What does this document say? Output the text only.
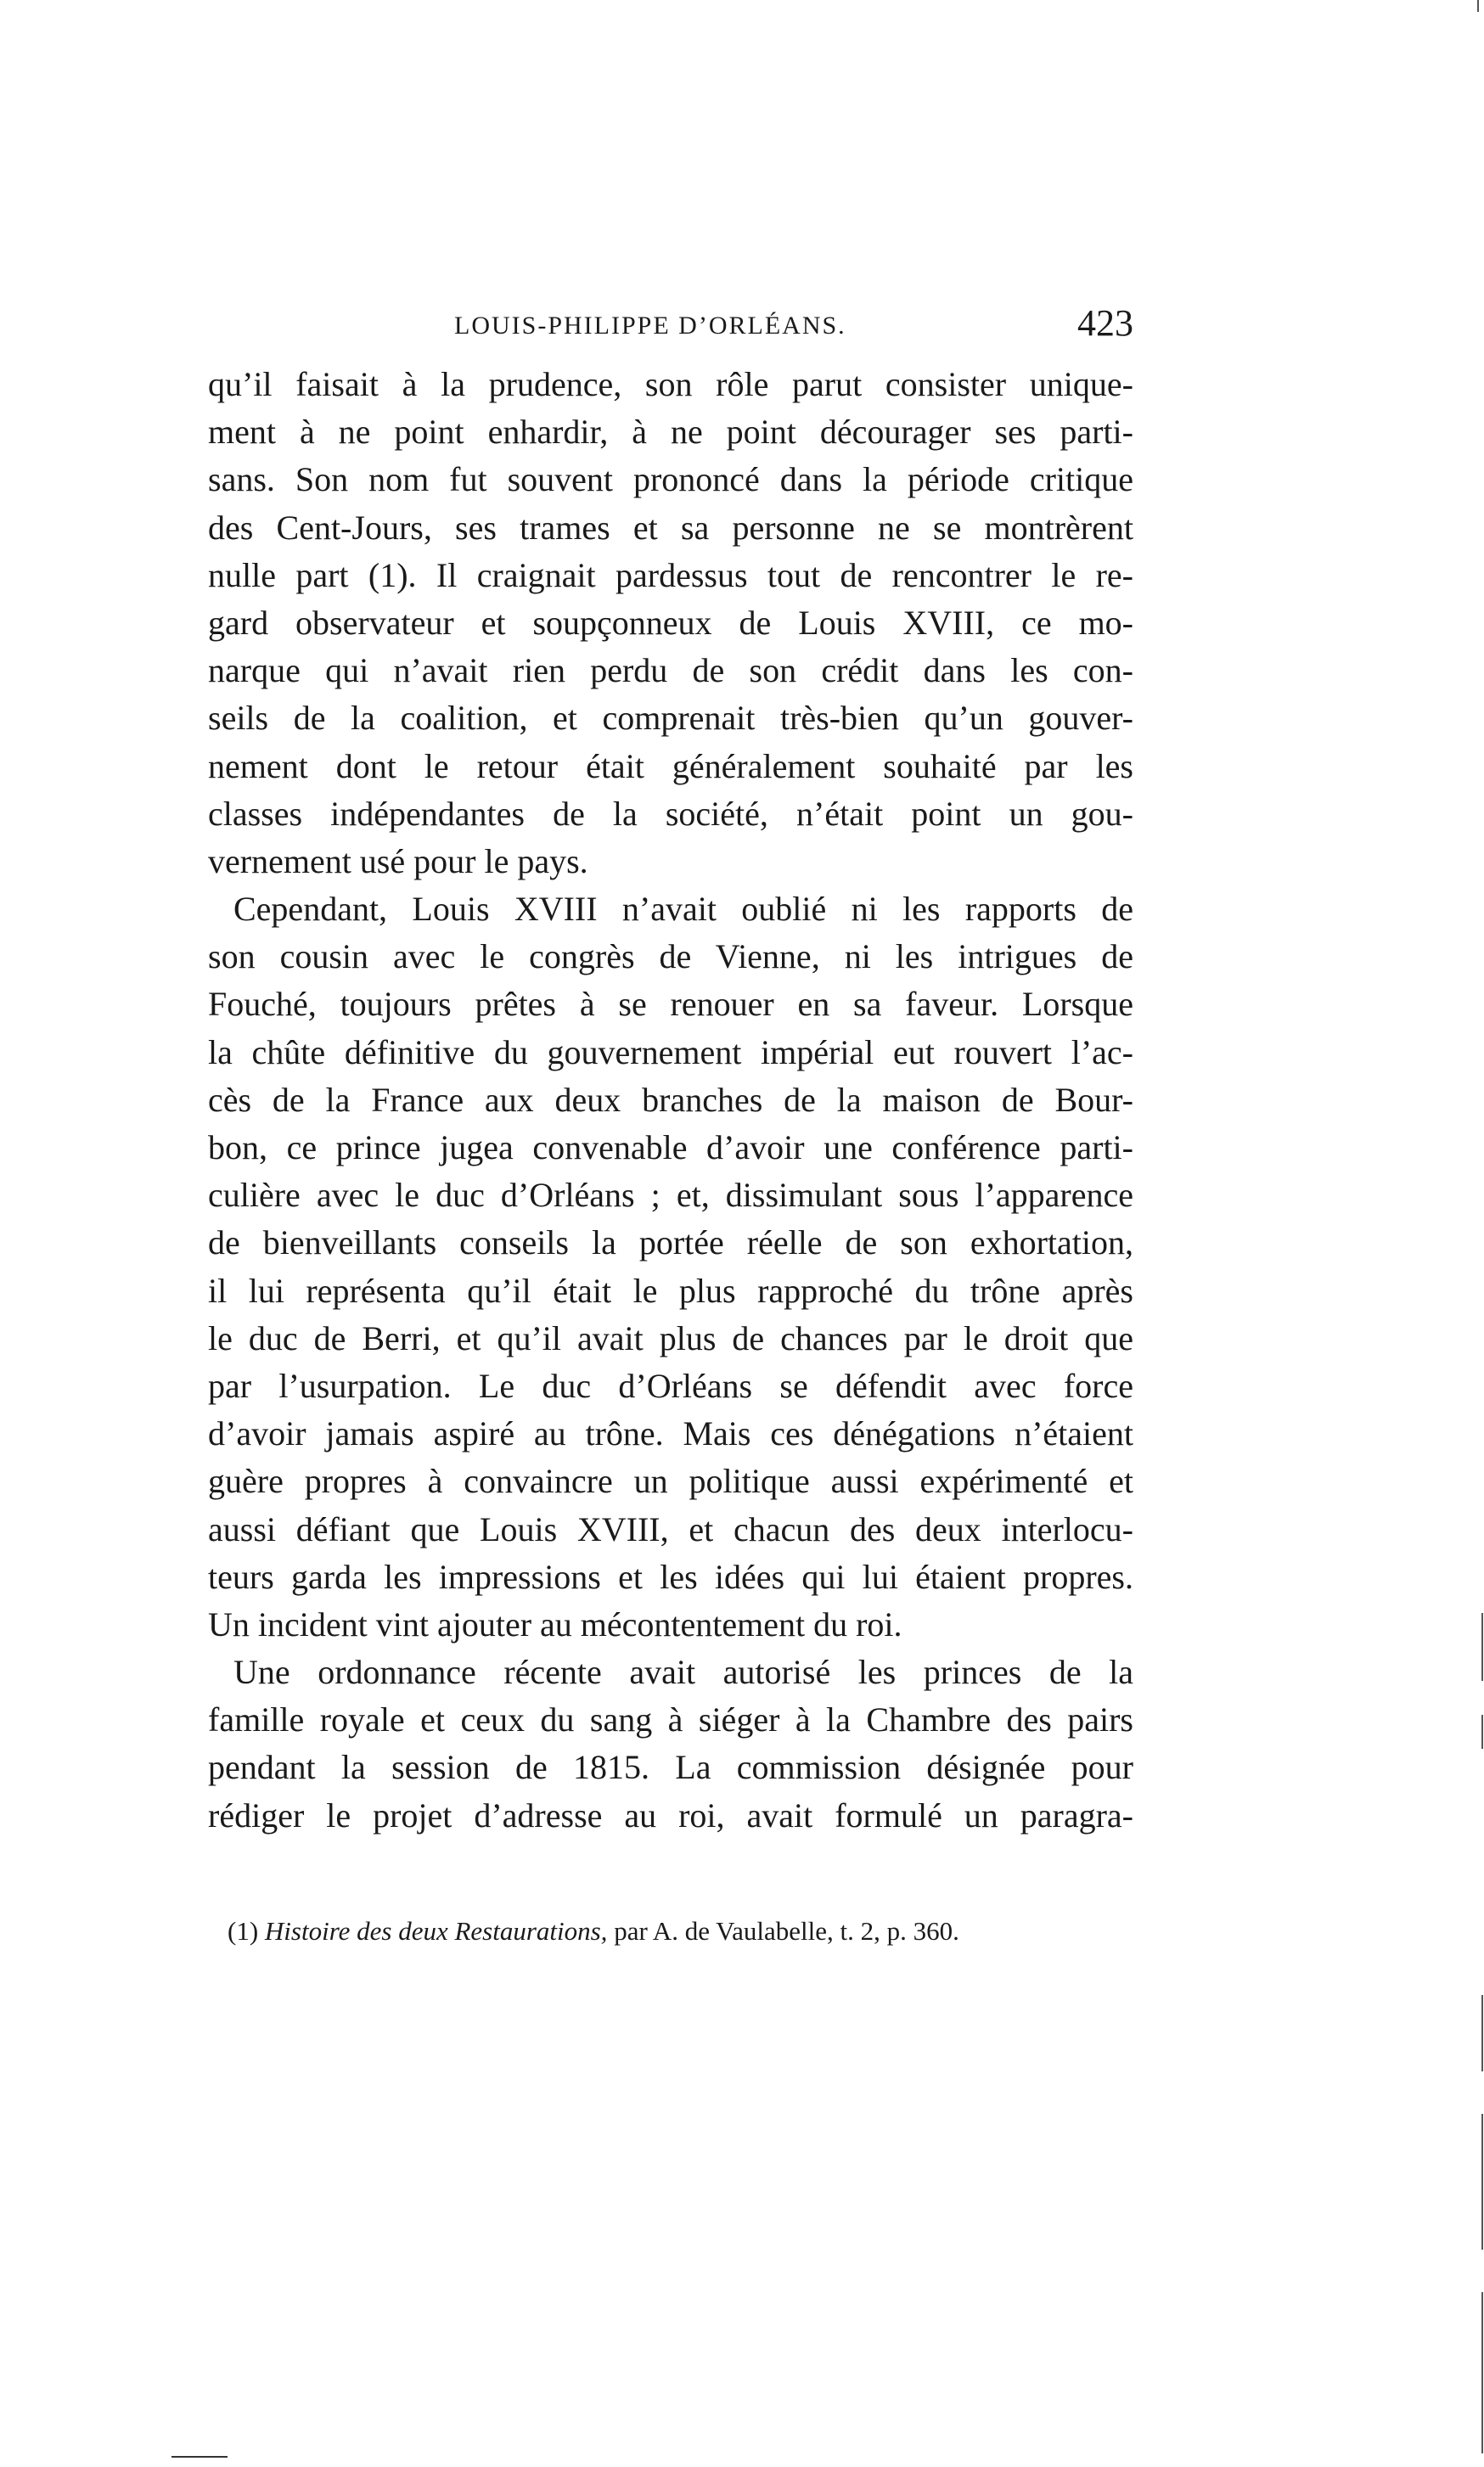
LOUIS-PHILIPPE D’ORLÉANS.	423
qu’il faisait à la prudence, son rôle parut consister unique-
ment à ne point enhardir, à ne point décourager ses parti-
sans. Son nom fut souvent prononcé dans la période critique
des Cent-Jours, ses trames et sa personne ne se montrèrent
nulle part (1). Il craignait pardessus tout de rencontrer le re-
gard observateur et soupçonneux de Louis XVIII, ce mo-
narque qui n’avait rien perdu de son crédit dans les con-
seils de la coalition, et comprenait très-bien qu’un gouver-
nement dont le retour était généralement souhaité par les
classes indépendantes de la société, n’était point un gou-
vernement usé pour le pays.
Cependant, Louis XVIII n’avait oublié ni les rapports de
son cousin avec le congrès de Vienne, ni les intrigues de
Fouché, toujours prêtes à se renouer en sa faveur. Lorsque
la chûte définitive du gouvernement impérial eut rouvert l’ac-
cès de la France aux deux branches de la maison de Bour-
bon, ce prince jugea convenable d’avoir une conférence parti-
culière avec le duc d’Orléans ; et, dissimulant sous l’apparence
de bienveillants conseils la portée réelle de son exhortation,
il lui représenta qu’il était le plus rapproché du trône après
le duc de Berri, et qu’il avait plus de chances par le droit que
par l’usurpation. Le duc d’Orléans se défendit avec force
d’avoir jamais aspiré au trône. Mais ces dénégations n’étaient
guère propres à convaincre un politique aussi expérimenté et
aussi défiant que Louis XVIII, et chacun des deux interlocu-
teurs garda les impressions et les idées qui lui étaient propres.
Un incident vint ajouter au mécontentement du roi.
Une ordonnance récente avait autorisé les princes de la
famille royale et ceux du sang à siéger à la Chambre des pairs
pendant la session de 1815. La commission désignée pour
rédiger le projet d’adresse au roi, avait formulé un paragra-
(1) Histoire des deux Restaurations, par A. de Vaulabelle, t. 2, p. 360.
